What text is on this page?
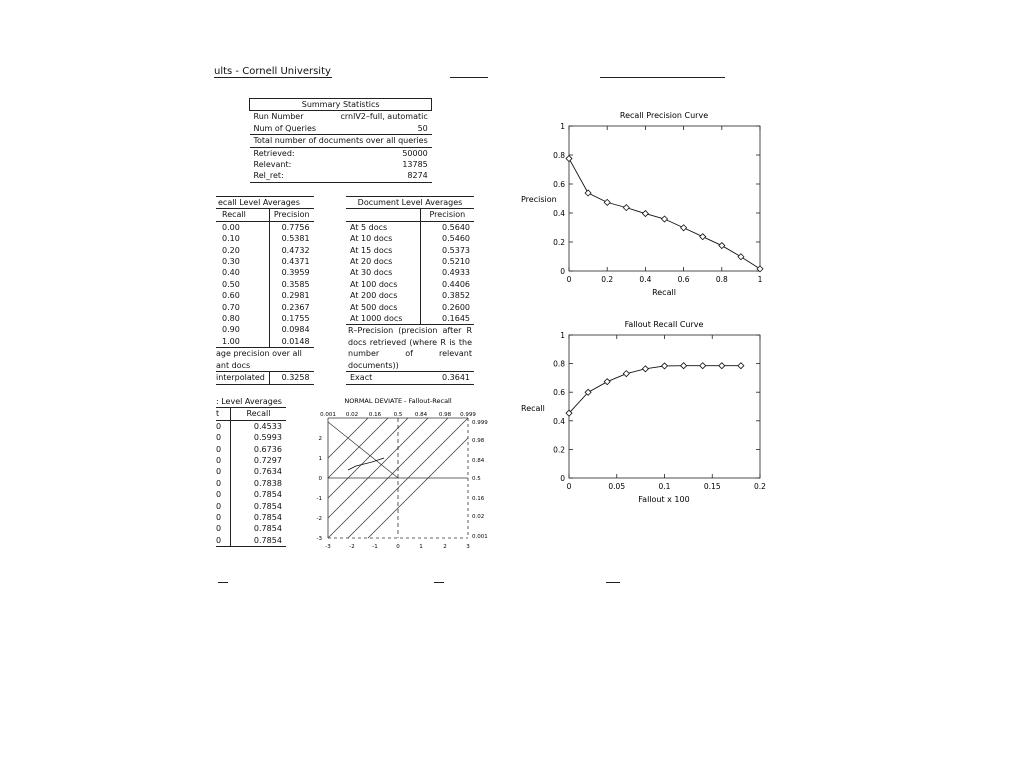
ults - Cornell University
Summary Statistics	
Run Number	crnlV2–full, automatic
Num of Queries	50
Total number of documents over all queries	
Retrieved:	50000
Relevant:	13785
Rel_ret:	8274
ecall Level Averages	
Recall	Precision
0.00	0.7756
0.10	0.5381
0.20	0.4732
0.30	0.4371
0.40	0.3959
0.50	0.3585
0.60	0.2981
0.70	0.2367
0.80	0.1755
0.90	0.0984
1.00	0.0148
age precision over all	
ant docs	
interpolated	0.3258
Document Level Averages	
	Precision
At 5 docs	0.5640
At 10 docs	0.5460
At 15 docs	0.5373
At 20 docs	0.5210
At 30 docs	0.4933
At 100 docs	0.4406
At 200 docs	0.3852
At 500 docs	0.2600
At 1000 docs	0.1645
R–Precision (precision after R docs retrieved (where R is the number of relevant documents))	
Exact	0.3641
: Level Averages	
t	Recall
0	0.4533
0	0.5993
0	0.6736
0	0.7297
0	0.7634
0	0.7838
0	0.7854
0	0.7854
0	0.7854
0	0.7854
0	0.7854
NORMAL DEVIATE - Fallout-Recall
0.001 0.02 0.16 0.5 0.84 0.98 0.999
2
1
0
-1
-2
-3
-3	-2	-1	0	1	2	3
0.999
0.98
0.84
0.5
0.16
0.02
0.001
Recall Precision Curve
Recall
Precision
0	0.2	0.4	0.6	0.8	1
0
0.2
0.4
0.6
0.8
1
Fallout Recall Curve
Fallout x 100
Recall
0	0.05	0.1	0.15	0.2
0
0.2
0.4
0.6
0.8
1
